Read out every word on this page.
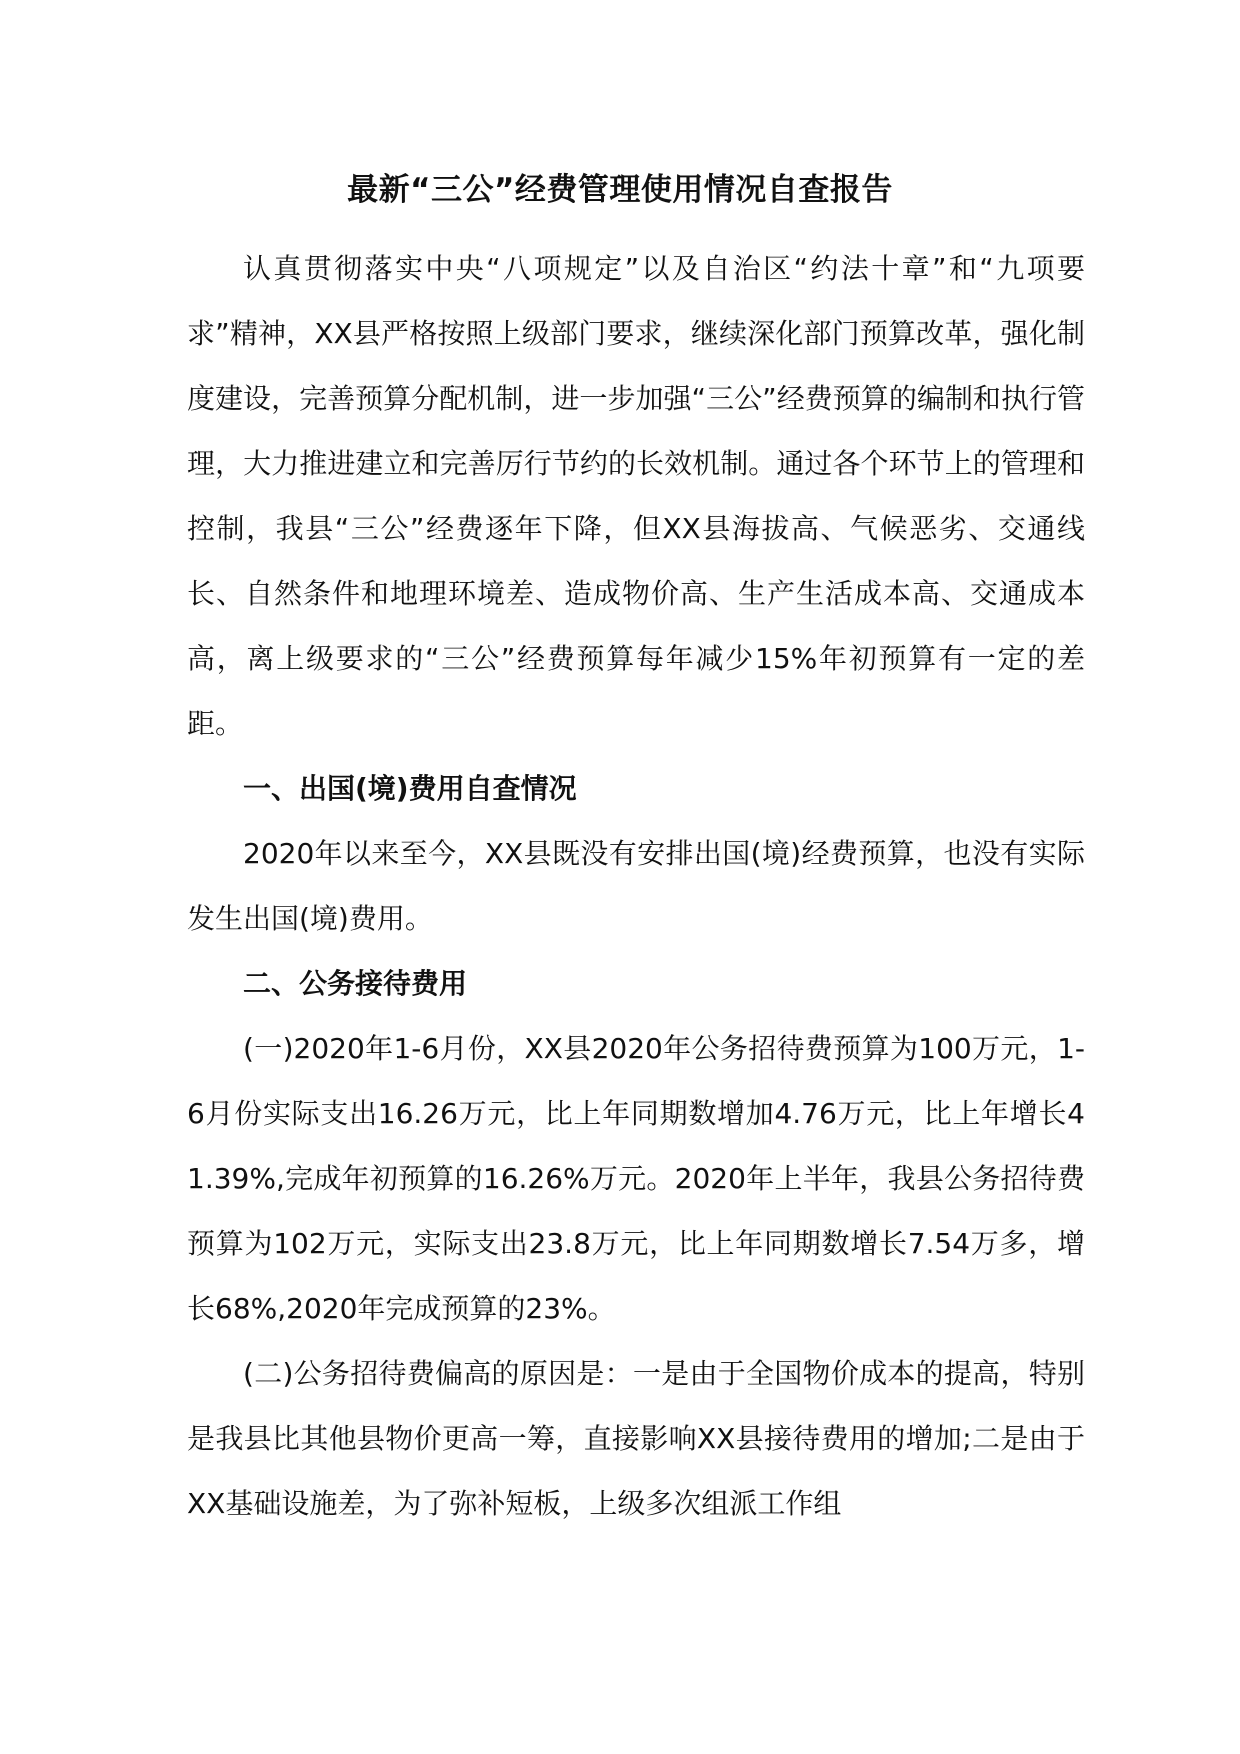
最新“三公”经费管理使用情况自查报告

认真贯彻落实中央“八项规定”以及自治区“约法十章”和“九项要求”精神，XX县严格按照上级部门要求，继续深化部门预算改革，强化制度建设，完善预算分配机制，进一步加强“三公”经费预算的编制和执行管理，大力推进建立和完善厉行节约的长效机制。通过各个环节上的管理和控制，我县“三公”经费逐年下降，但XX县海拔高、气候恶劣、交通线长、自然条件和地理环境差、造成物价高、生产生活成本高、交通成本高，离上级要求的“三公”经费预算每年减少15%年初预算有一定的差距。

一、出国(境)费用自查情况

2020年以来至今，XX县既没有安排出国(境)经费预算，也没有实际发生出国(境)费用。

二、公务接待费用

(一)2020年1-6月份，XX县2020年公务招待费预算为100万元，1-6月份实际支出16.26万元，比上年同期数增加4.76万元，比上年增长41.39%,完成年初预算的16.26%万元。2020年上半年，我县公务招待费预算为102万元，实际支出23.8万元，比上年同期数增长7.54万多，增长68%,2020年完成预算的23%。

(二)公务招待费偏高的原因是：一是由于全国物价成本的提高，特别是我县比其他县物价更高一筹，直接影响XX县接待费用的增加;二是由于XX基础设施差，为了弥补短板，上级多次组派工作组
